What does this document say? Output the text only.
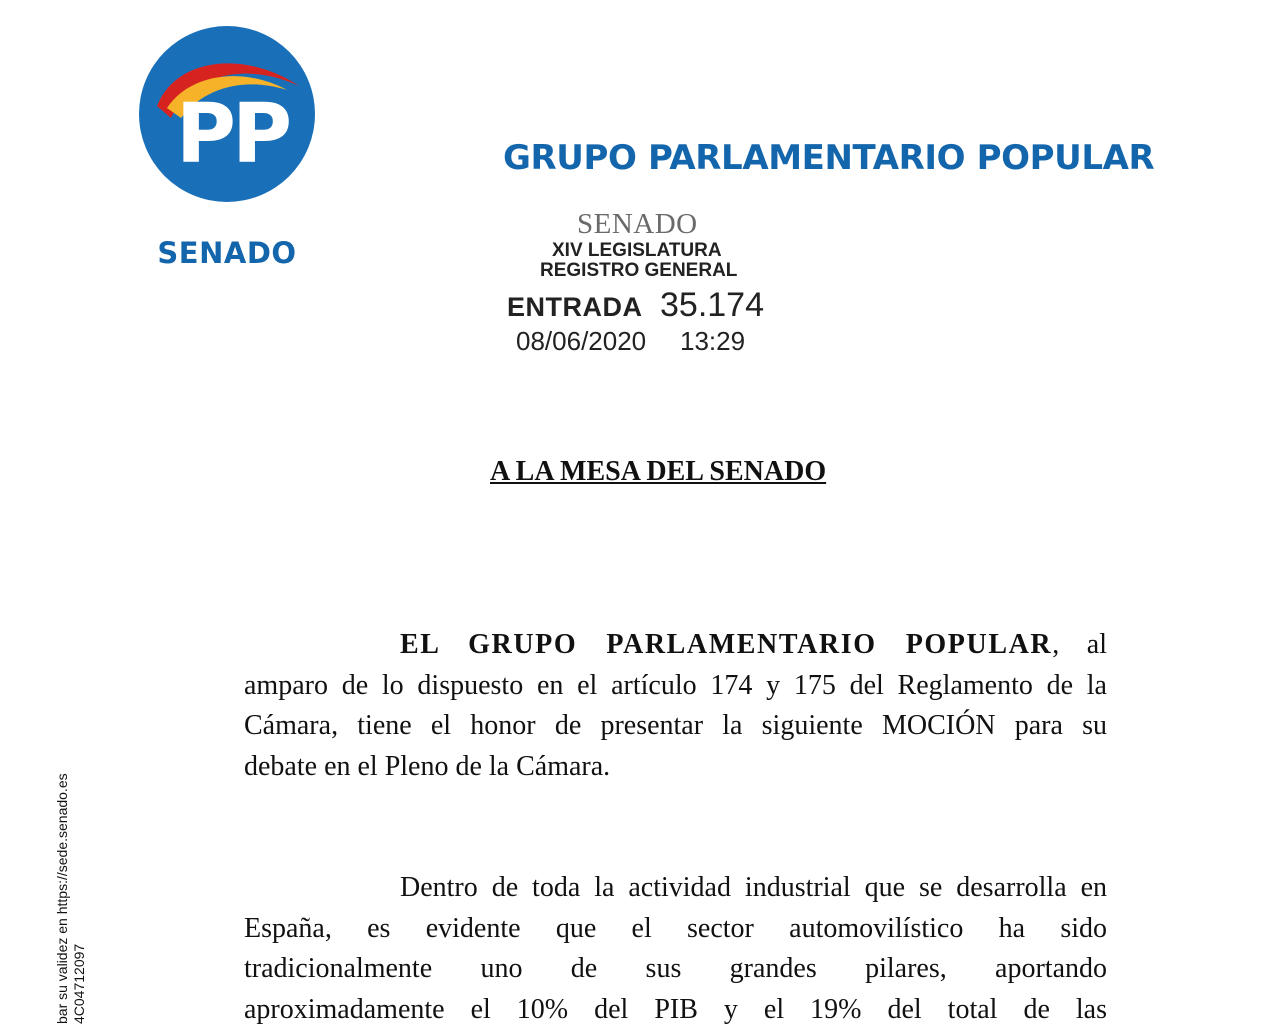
PP
SENADO
GRUPO PARLAMENTARIO POPULAR
SENADO
XIV LEGISLATURA
REGISTRO GENERAL
ENTRADA 35.174
08/06/2020 13:29
A LA MESA DEL SENADO
EL GRUPO PARLAMENTARIO POPULAR, al
amparo de lo dispuesto en el artículo 174 y 175 del Reglamento de la
Cámara, tiene el honor de presentar la siguiente MOCIÓN para su
debate en el Pleno de la Cámara.
Dentro de toda la actividad industrial que se desarrolla en
España, es evidente que el sector automovilístico ha sido
tradicionalmente uno de sus grandes pilares, aportando
aproximadamente el 10% del PIB y el 19% del total de las
bar su validez en https://sede.senado.es 4C04712097
